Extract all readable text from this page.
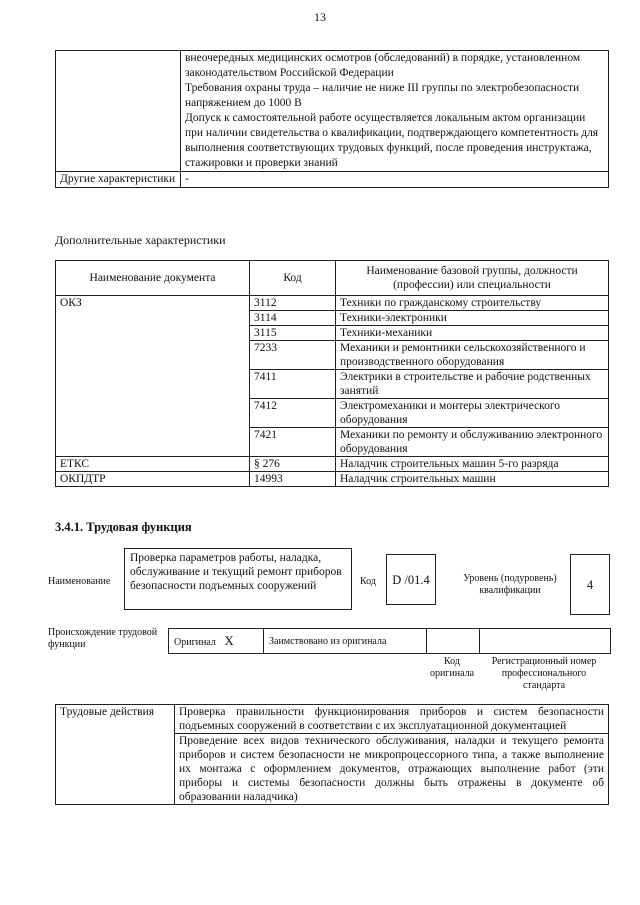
13

	внеочередных медицинских осмотров (обследований) в порядке, установленном законодательством Российской Федерации
Требования охраны труда – наличие не ниже III группы по электробезопасности напряжением до 1000 В
Допуск к самостоятельной работе осуществляется локальным актом организации при наличии свидетельства о квалификации, подтверждающего компетентность для выполнения соответствующих трудовых функций, после проведения инструктажа, стажировки и проверки знаний

Другие характеристики	-
Дополнительные характеристики
Наименование документа	Код	Наименование базовой группы, должности (профессии) или специальности
ОКЗ	3112	Техники по гражданскому строительству
	3114	Техники-электроники
	3115	Техники-механики
	7233	Механики и ремонтники сельскохозяйственного и производственного оборудования
	7411	Электрики в строительстве и рабочие родственных занятий
	7412	Электромеханики и монтеры электрического оборудования
	7421	Механики по ремонту и обслуживанию электронного оборудования
ЕТКС	§ 276	Наладчик строительных машин 5-го разряда
ОКПДТР	14993	Наладчик строительных машин
3.4.1. Трудовая функция
Наименование
Проверка параметров работы, наладка, обслуживание и текущий ремонт приборов безопасности подъемных сооружений	Код	D /01.4	Уровень (подуровень) квалификации	4
Происхождение трудовой функции	Оригинал X	Заимствовано из оригинала		
Код оригинала
Регистрационный номер профессионального стандарта
Трудовые действия	Проверка правильности функционирования приборов и систем безопасности подъемных сооружений в соответствии с их эксплуатационной документацией
Проведение всех видов технического обслуживания, наладки и текущего ремонта приборов и систем безопасности не микропроцессорного типа, а также выполнение их монтажа с оформлением документов, отражающих выполнение работ (эти приборы и системы безопасности должны быть отражены в документе об образовании наладчика)
